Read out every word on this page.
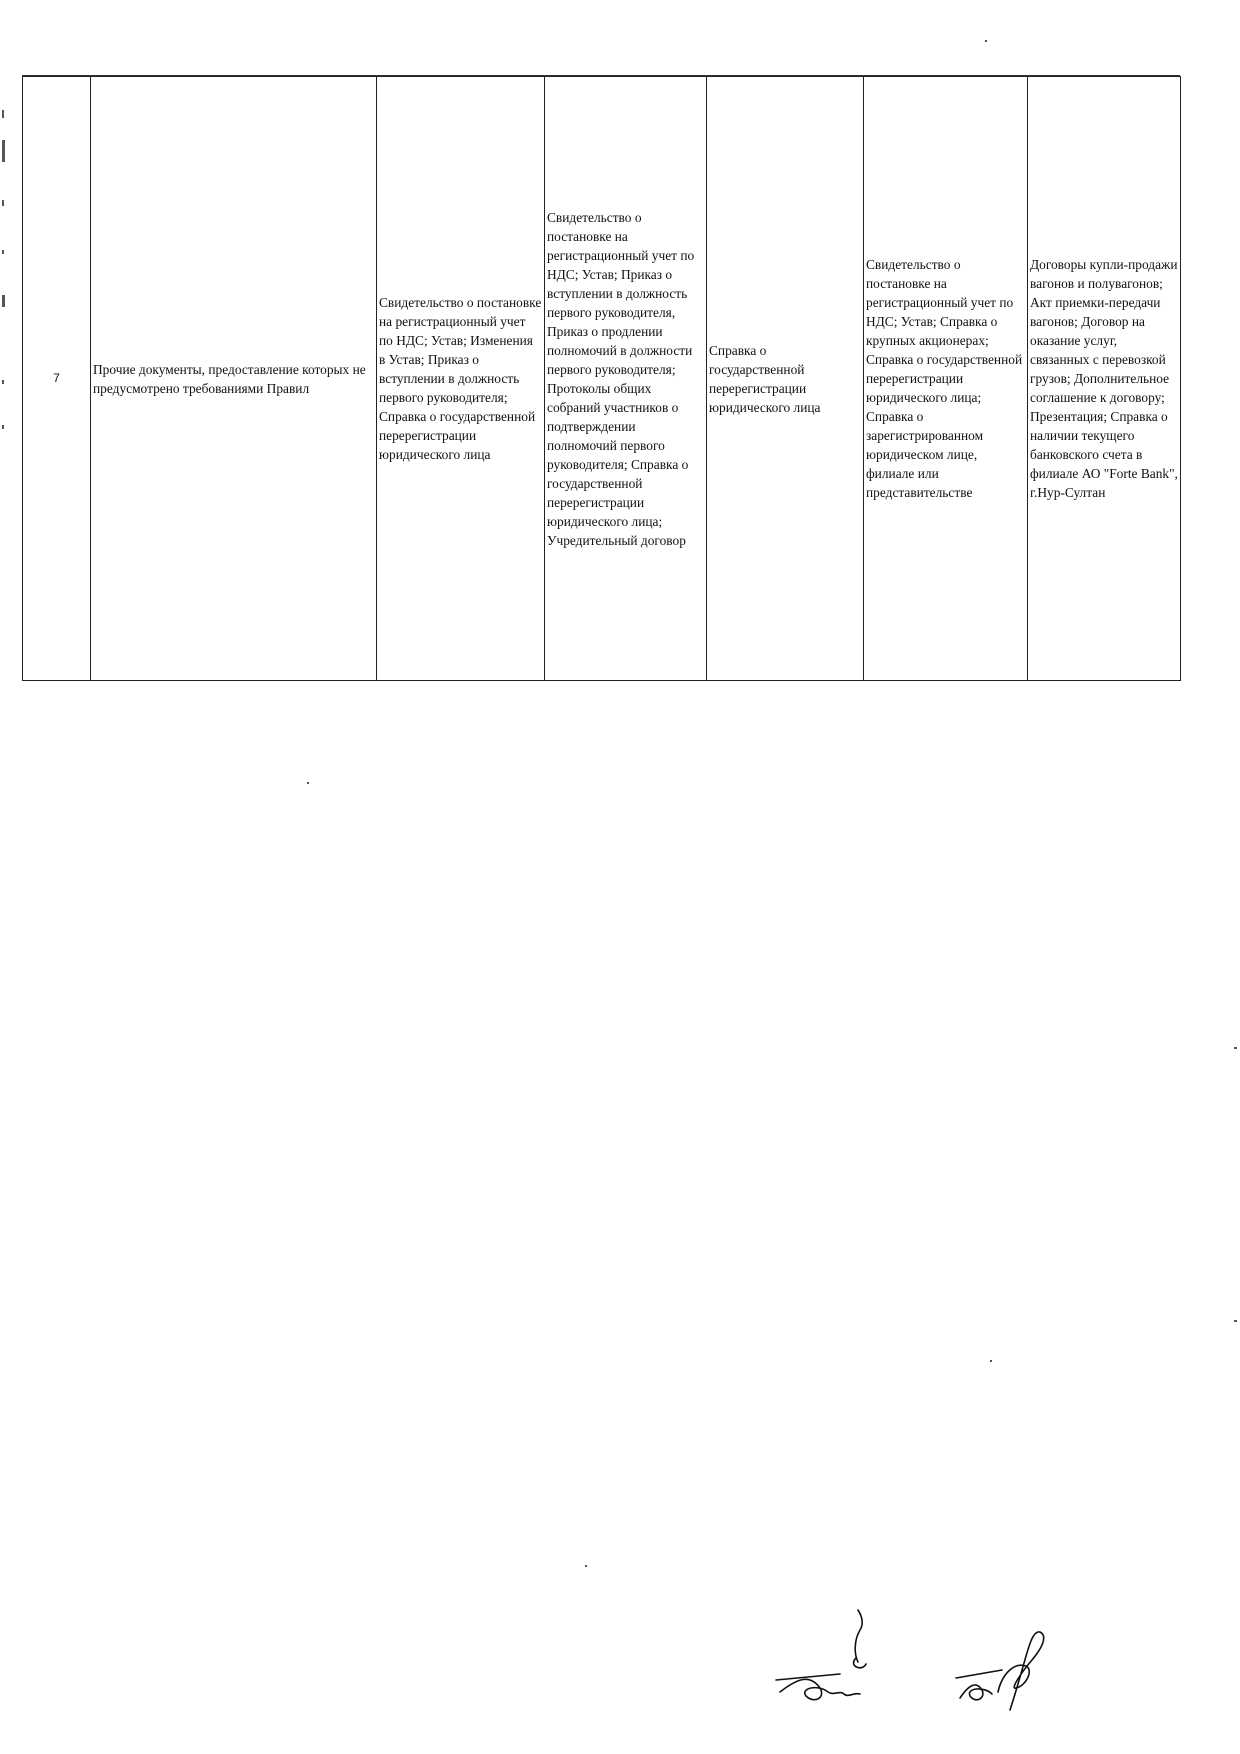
7	Прочие документы, предоставление которых не предусмотрено требованиями Правил	Свидетельство о постановке на регистрационный учет по НДС; Устав; Изменения в Устав; Приказ о вступлении в должность первого руководителя; Справка о государственной перерегистрации юридического лица	Свидетельство о постановке на регистрационный учет по НДС; Устав; Приказ о вступлении в должность первого руководителя, Приказ о продлении полномочий в должности первого руководителя; Протоколы общих собраний участников о подтверждении полномочий первого руководителя; Справка о государственной перерегистрации юридического лица; Учредительный договор	Справка о государственной перерегистрации юридического лица	Свидетельство о постановке на регистрационный учет по НДС; Устав; Справка о крупных акционерах; Справка о государственной перерегистрации юридического лица; Справка о зарегистрированном юридическом лице, филиале или представительстве	Договоры купли-продажи вагонов и полувагонов; Акт приемки-передачи вагонов; Договор на оказание услуг, связанных с перевозкой грузов; Дополнительное соглашение к договору; Презентация; Справка о наличии текущего банковского счета в филиале АО "Forte Bank", г.Нур-Султан
